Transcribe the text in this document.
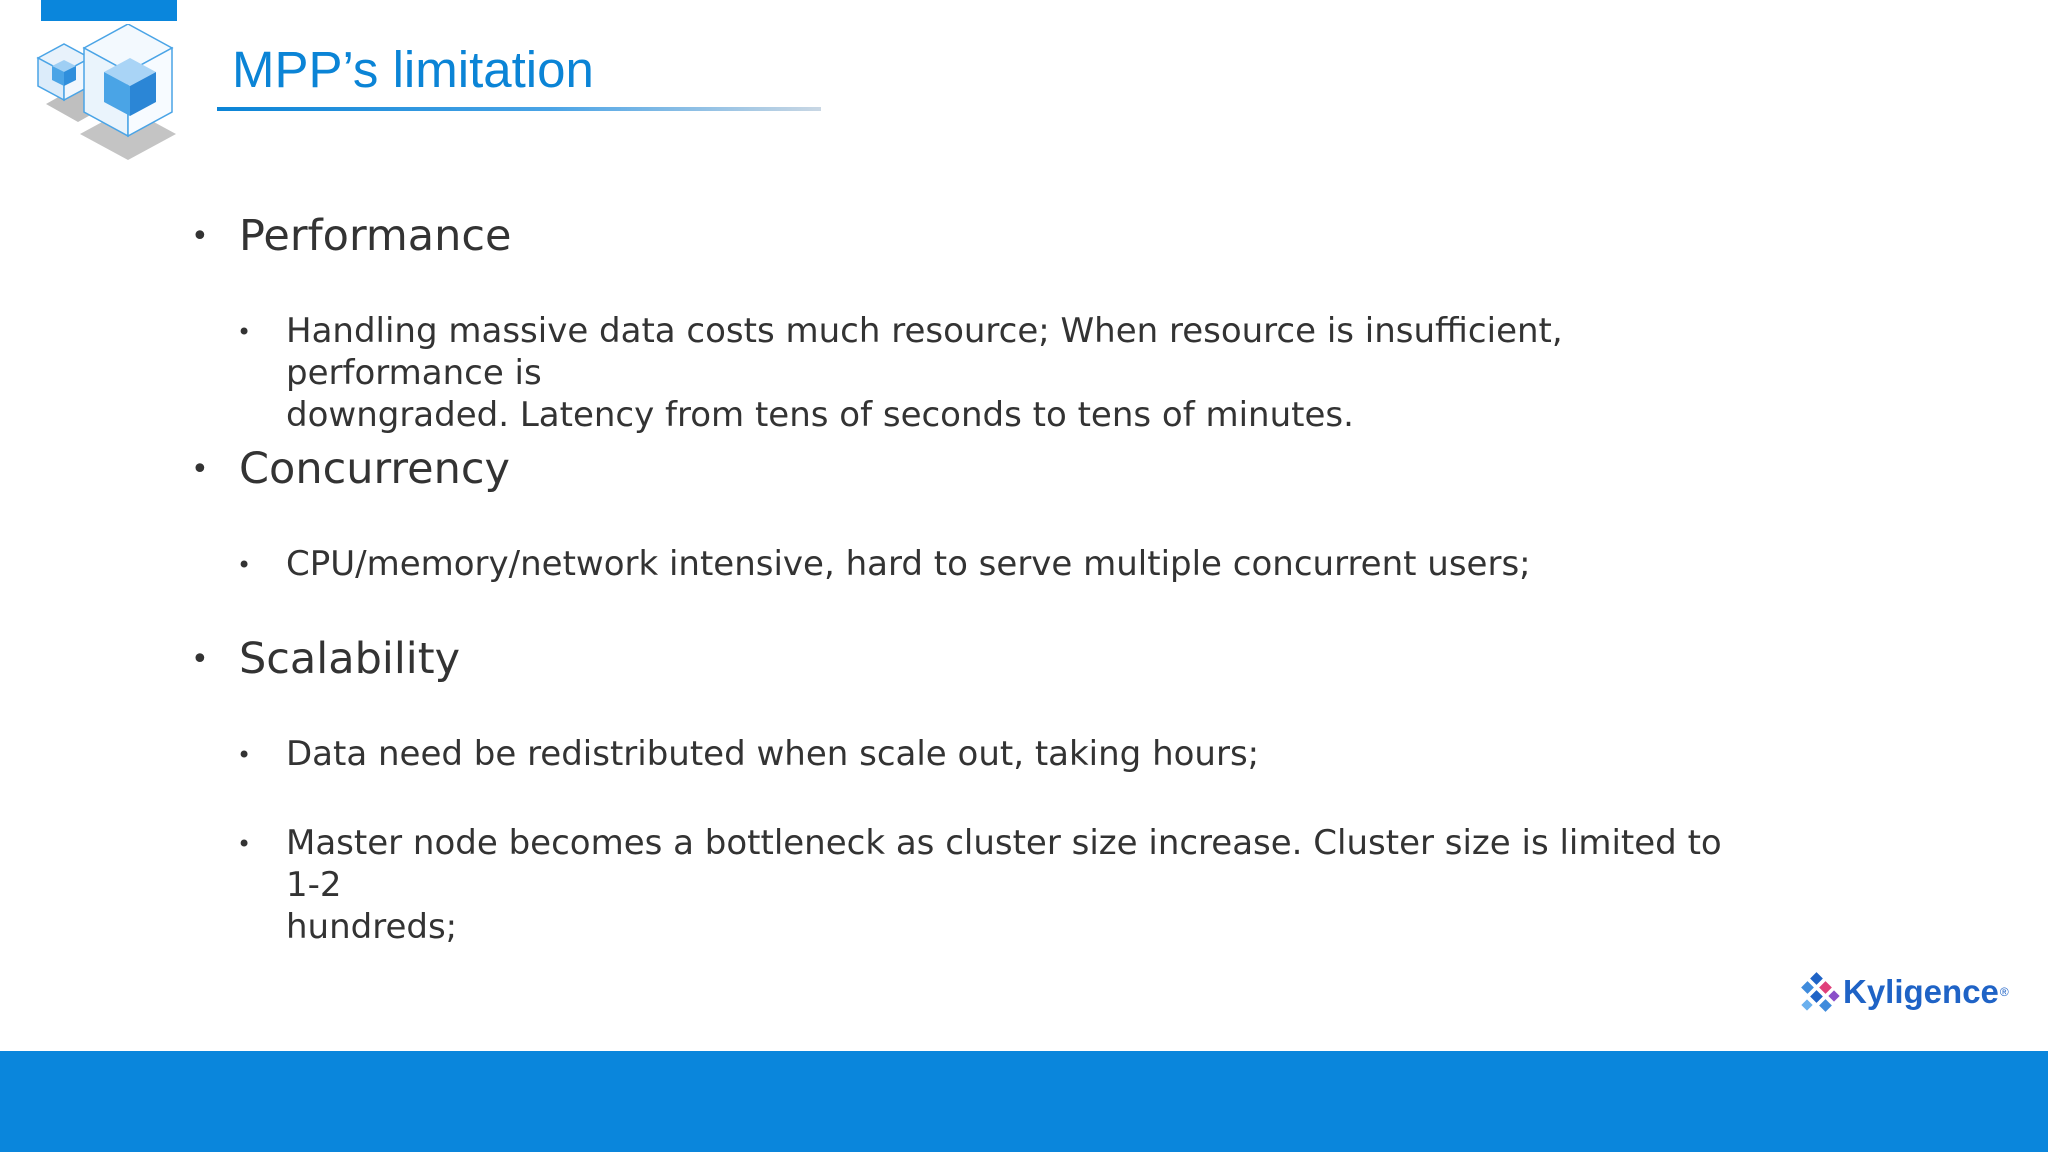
MPP’s limitation
• Performance
• Handling massive data costs much resource; When resource is insufficient, performance is
downgraded. Latency from tens of seconds to tens of minutes.
• Concurrency
• CPU/memory/network intensive, hard to serve multiple concurrent users;
• Scalability
• Data need be redistributed when scale out, taking hours;
• Master node becomes a bottleneck as cluster size increase. Cluster size is limited to 1-2
hundreds;
Kyligence®
